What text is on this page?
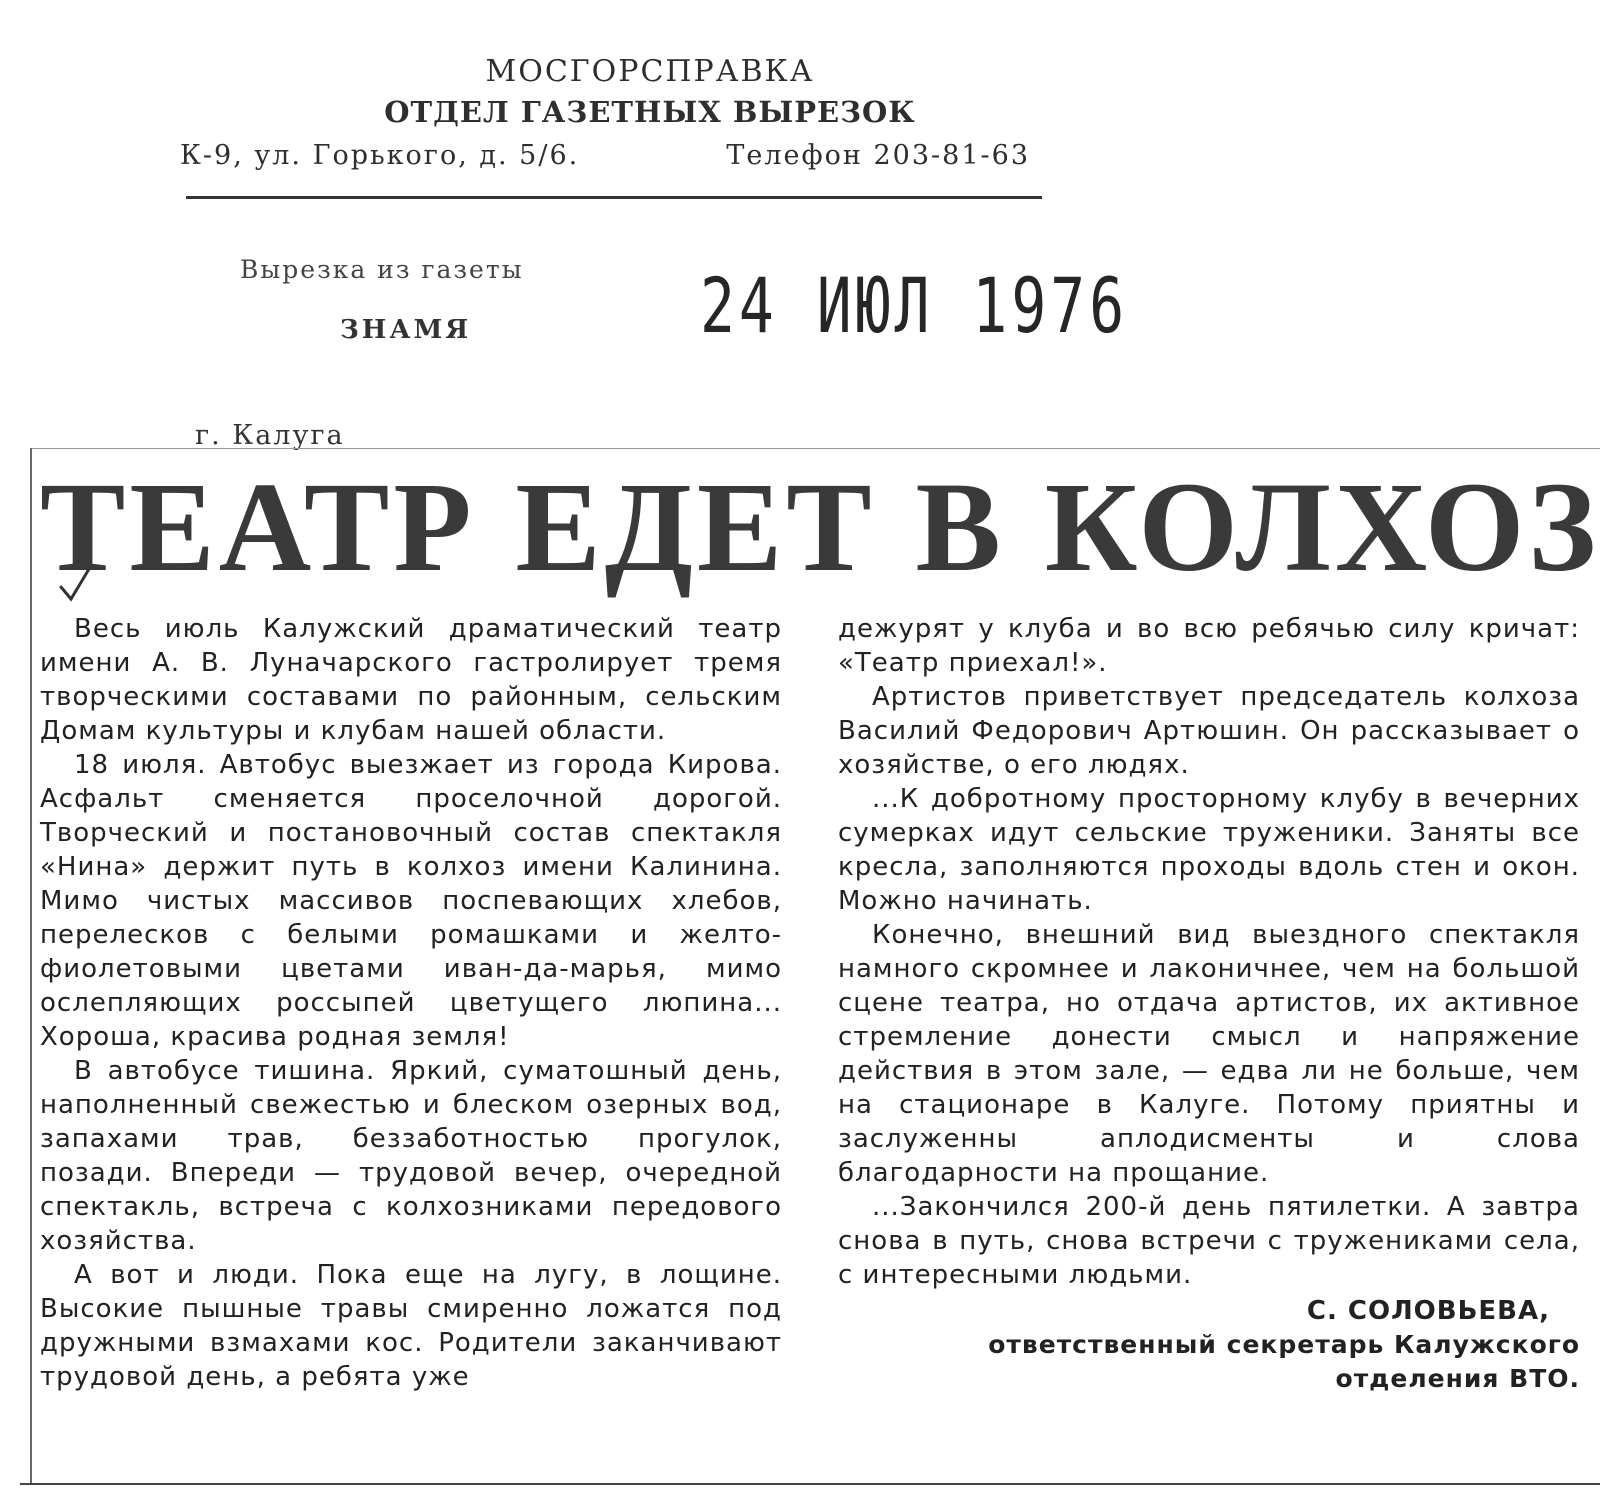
МОСГОРСПРАВКА
ОТДЕЛ ГАЗЕТНЫХ ВЫРЕЗОК
К-9, ул. Горького, д. 5/6.	Телефон 203-81-63
Вырезка из газеты
ЗНАМЯ	24 ИЮЛ 1976
г. Калуга
ТЕАТР ЕДЕТ В КОЛХОЗ

Весь июль Калужский драматический театр имени А. В. Луначарского гастролирует тремя творческими составами по районным, сельским Домам культуры и клубам нашей области.

18 июля. Автобус выезжает из города Кирова. Асфальт сменяется проселочной дорогой. Творческий и постановочный состав спектакля «Нина» держит путь в колхоз имени Калинина. Мимо чистых массивов поспевающих хлебов, перелесков с белыми ромашками и желто-фиолетовыми цветами иван-да-марья, мимо ослепляющих россыпей цветущего люпина... Хороша, красива родная земля!

В автобусе тишина. Яркий, суматошный день, наполненный свежестью и блеском озерных вод, запахами трав, беззаботностью прогулок, позади. Впереди — трудовой вечер, очередной спектакль, встреча с колхозниками передового хозяйства.

А вот и люди. Пока еще на лугу, в лощине. Высокие пышные травы смиренно ложатся под дружными взмахами кос. Родители заканчивают трудовой день, а ребята уже

дежурят у клуба и во всю ребячью силу кричат: «Театр приехал!».

Артистов приветствует председатель колхоза Василий Федорович Артюшин. Он рассказывает о хозяйстве, о его людях.

...К добротному просторному клубу в вечерних сумерках идут сельские труженики. Заняты все кресла, заполняются проходы вдоль стен и окон. Можно начинать.

Конечно, внешний вид выездного спектакля намного скромнее и лаконичнее, чем на большой сцене театра, но отдача артистов, их активное стремление донести смысл и напряжение действия в этом зале, — едва ли не больше, чем на стационаре в Калуге. Потому приятны и заслуженны аплодисменты и слова благодарности на прощание.

...Закончился 200-й день пятилетки. А завтра снова в путь, снова встречи с тружениками села, с интересными людьми.

С. СОЛОВЬЕВА,
ответственный секретарь Калужского отделения ВТО.
